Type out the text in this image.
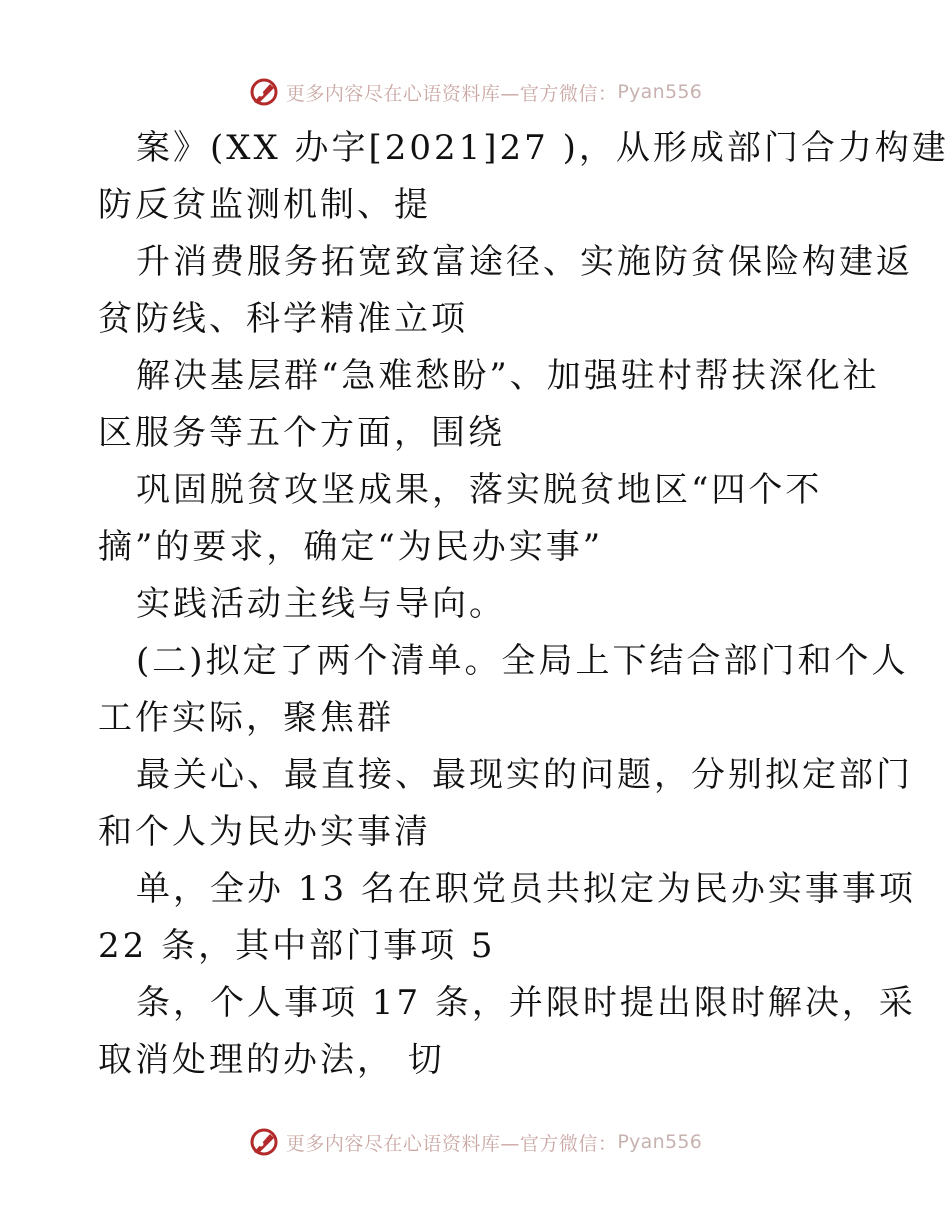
更多内容尽在心语资料库—官方微信： Pyan556
案》(XX 办字[2021]27 )，从形成部门合力构建
防反贫监测机制、提
升消费服务拓宽致富途径、实施防贫保险构建返
贫防线、科学精准立项
解决基层群“急难愁盼”、加强驻村帮扶深化社
区服务等五个方面，围绕
巩固脱贫攻坚成果，落实脱贫地区“四个不
摘”的要求，确定“为民办实事”
实践活动主线与导向。
(二)拟定了两个清单。全局上下结合部门和个人
工作实际，聚焦群
最关心、最直接、最现实的问题，分别拟定部门
和个人为民办实事清
单，全办 13 名在职党员共拟定为民办实事事项
22 条，其中部门事项 5
条，个人事项 17 条，并限时提出限时解决，采
取消处理的办法， 切
更多内容尽在心语资料库—官方微信： Pyan556
